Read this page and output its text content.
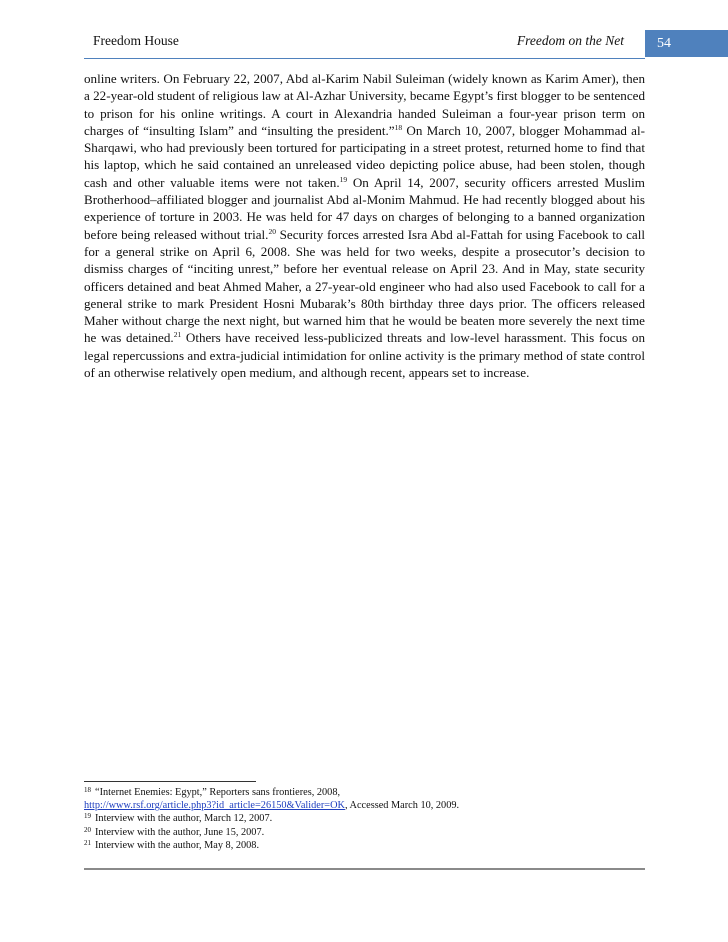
Freedom House	Freedom on the Net	54

online writers. On February 22, 2007, Abd al-Karim Nabil Suleiman (widely known as Karim Amer), then a 22-year-old student of religious law at Al-Azhar University, became Egypt’s first blogger to be sentenced to prison for his online writings. A court in Alexandria handed Suleiman a four-year prison term on charges of “insulting Islam” and “insulting the president.”$^{18}$ On March 10, 2007, blogger Mohammad al-Sharqawi, who had previously been tortured for participating in a street protest, returned home to find that his laptop, which he said contained an unreleased video depicting police abuse, had been stolen, though cash and other valuable items were not taken.$^{19}$ On April 14, 2007, security officers arrested Muslim Brotherhood–affiliated blogger and journalist Abd al-Monim Mahmud. He had recently blogged about his experience of torture in 2003. He was held for 47 days on charges of belonging to a banned organization before being released without trial.$^{20}$ Security forces arrested Isra Abd al-Fattah for using Facebook to call for a general strike on April 6, 2008. She was held for two weeks, despite a prosecutor’s decision to dismiss charges of “inciting unrest,” before her eventual release on April 23. And in May, state security officers detained and beat Ahmed Maher, a 27-year-old engineer who had also used Facebook to call for a general strike to mark President Hosni Mubarak’s 80th birthday three days prior. The officers released Maher without charge the next night, but warned him that he would be beaten more severely the next time he was detained.$^{21}$ Others have received less-publicized threats and low-level harassment. This focus on legal repercussions and extra-judicial intimidation for online activity is the primary method of state control of an otherwise relatively open medium, and although recent, appears set to increase.

$^{18}$ “Internet Enemies: Egypt,” Reporters sans frontieres, 2008,

http://www.rsf.org/article.php3?id_article=26150&Valider=OK, Accessed March 10, 2009.

$^{19}$ Interview with the author, March 12, 2007.

$^{20}$ Interview with the author, June 15, 2007.

$^{21}$ Interview with the author, May 8, 2008.
